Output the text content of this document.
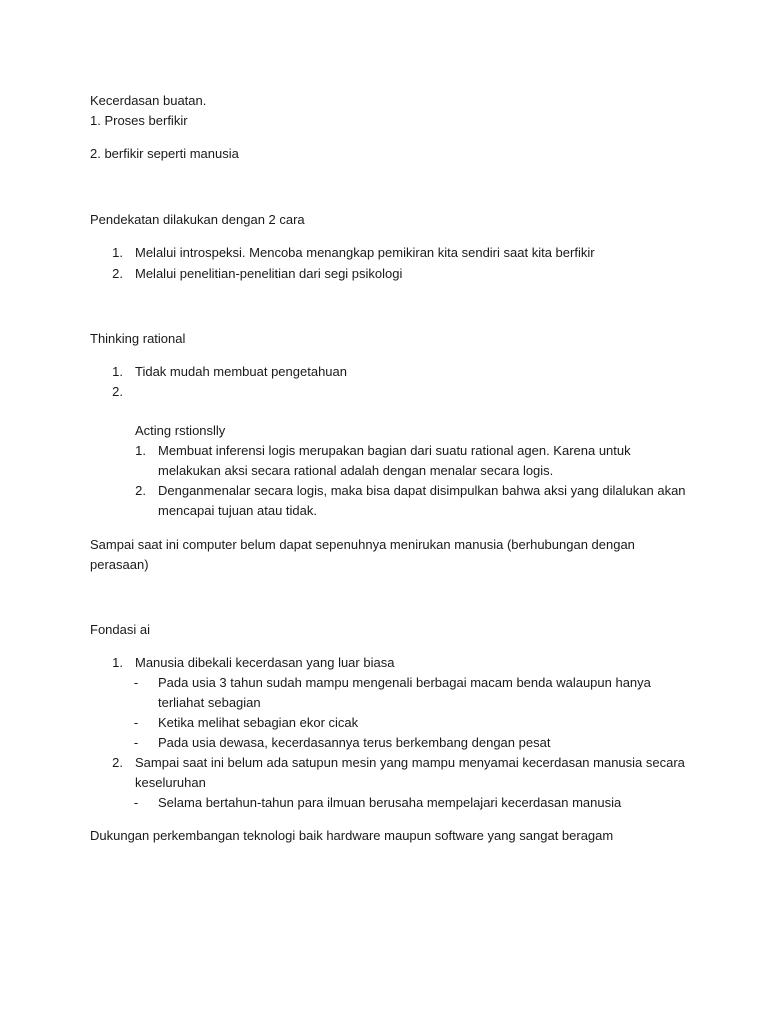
Kecerdasan buatan.
1. Proses berfikir
2. berfikir seperti manusia
Pendekatan dilakukan dengan 2 cara
1. Melalui introspeksi. Mencoba menangkap pemikiran kita sendiri saat kita berfikir
2. Melalui penelitian-penelitian dari segi psikologi
Thinking rational
1. Tidak mudah membuat pengetahuan
2.
Acting rstionslly
1. Membuat inferensi logis merupakan bagian dari suatu rational agen. Karena untuk
melakukan aksi secara rational adalah dengan menalar secara logis.
2. Denganmenalar secara logis, maka bisa dapat disimpulkan bahwa aksi yang dilalukan akan
mencapai tujuan atau tidak.
Sampai saat ini computer belum dapat sepenuhnya menirukan manusia (berhubungan dengan
perasaan)
Fondasi ai
1. Manusia dibekali kecerdasan yang luar biasa
-	Pada usia 3 tahun sudah mampu mengenali berbagai macam benda walaupun hanya
terliahat sebagian
-	Ketika melihat sebagian ekor cicak
-	Pada usia dewasa, kecerdasannya terus berkembang dengan pesat
2. Sampai saat ini belum ada satupun mesin yang mampu menyamai kecerdasan manusia secara
keseluruhan
-	Selama bertahun-tahun para ilmuan berusaha mempelajari kecerdasan manusia
Dukungan perkembangan teknologi baik hardware maupun software yang sangat beragam
